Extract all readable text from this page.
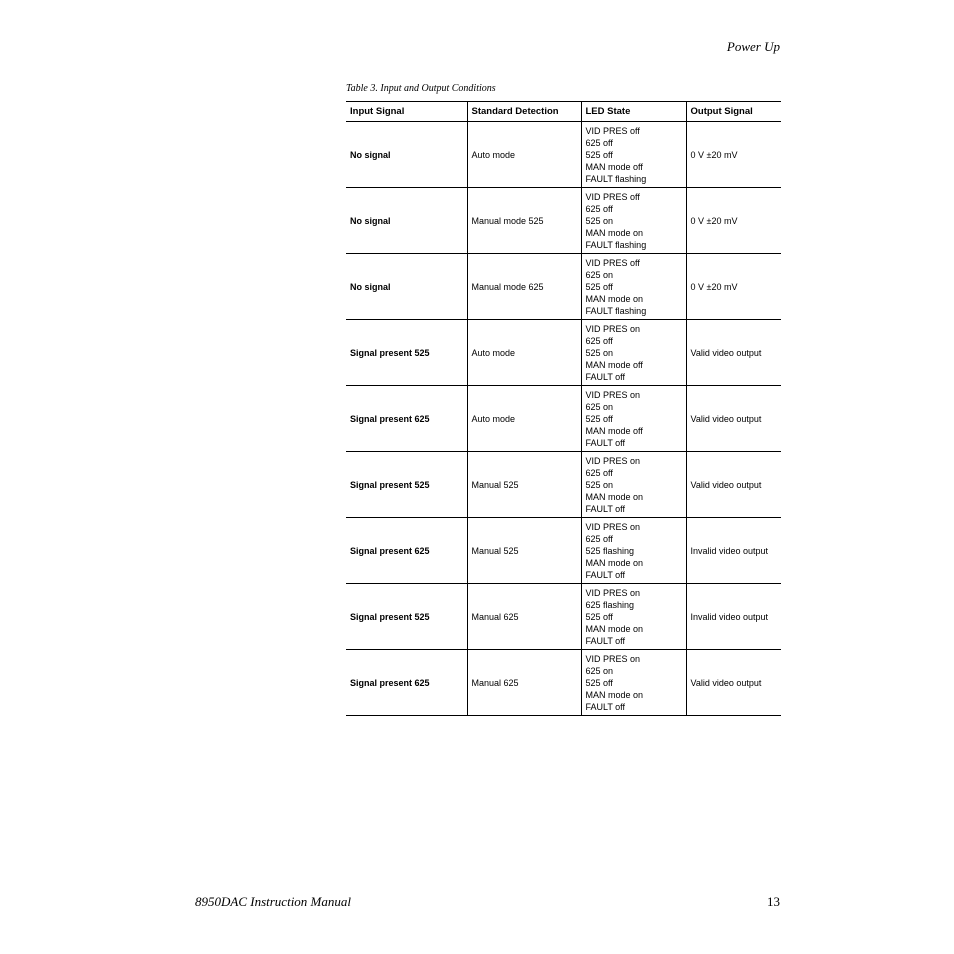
Power Up
Table 3. Input and Output Conditions
Input Signal	Standard Detection	LED State	Output Signal
No signal	Auto mode	VID PRES off
625 off
525 off
MAN mode off
FAULT flashing	0 V ±20 mV
No signal	Manual mode 525	VID PRES off
625 off
525 on
MAN mode on
FAULT flashing	0 V ±20 mV
No signal	Manual mode 625	VID PRES off
625 on
525 off
MAN mode on
FAULT flashing	0 V ±20 mV
Signal present 525	Auto mode	VID PRES on
625 off
525 on
MAN mode off
FAULT off	Valid video output
Signal present 625	Auto mode	VID PRES on
625 on
525 off
MAN mode off
FAULT off	Valid video output
Signal present 525	Manual 525	VID PRES on
625 off
525 on
MAN mode on
FAULT off	Valid video output
Signal present 625	Manual 525	VID PRES on
625 off
525 flashing
MAN mode on
FAULT off	Invalid video output
Signal present 525	Manual 625	VID PRES on
625 flashing
525 off
MAN mode on
FAULT off	Invalid video output
Signal present 625	Manual 625	VID PRES on
625 on
525 off
MAN mode on
FAULT off	Valid video output
8950DAC Instruction Manual	13
